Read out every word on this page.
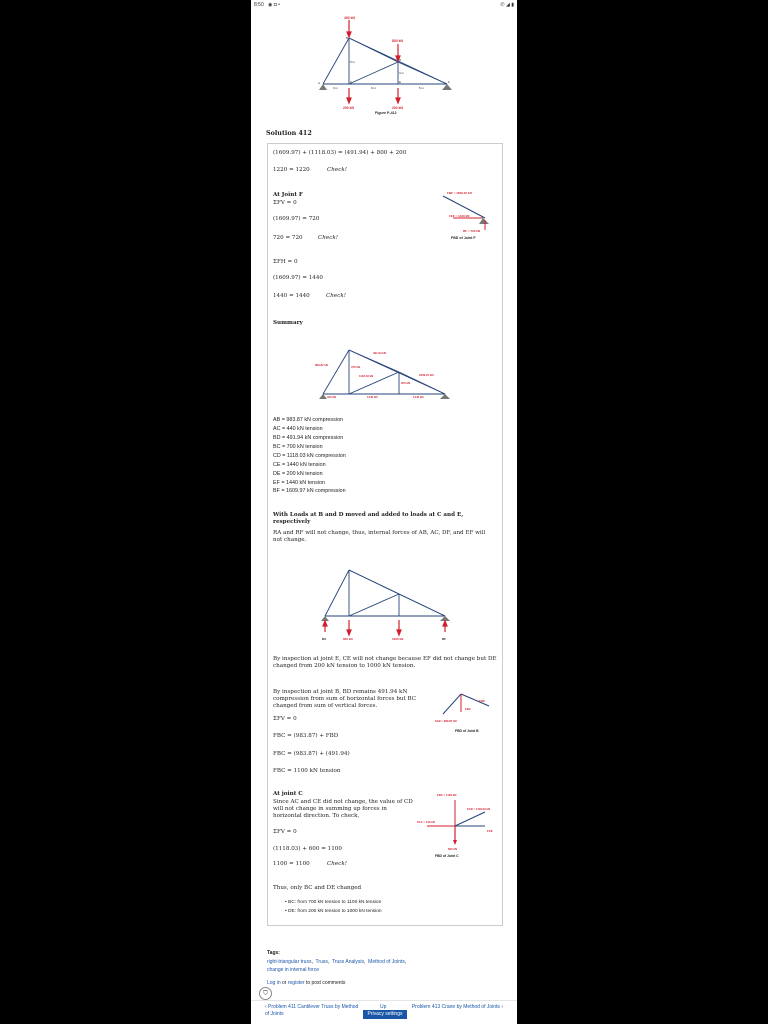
8:50 ◉ ◘ •	✆ ◢ ▮
400 kN
800 kN
200 kN	200 kN
3 m	6 m	5 m
5 m
3 m
A
B
C
D
E	F
Figure P-412
Solution 412
(1609.97) + (1118.03) = (491.94) + 800 + 200
1220 = 1220	Check!
At Joint F
ΣFV = 0
(1609.97) = 720
720 = 720	Check!
FBF = 1609.97 kN
FEF = 1440 kN
RF = 720 kN
FBD of Joint F
ΣFH = 0
(1609.97) = 1440
1440 = 1440	Check!
Summary
491.94 kN
983.87 kN	700 kN
1118.03 kN	1609.97 kN
200 kN
440 kN	1440 kN	1440 kN
AB = 983.87 kN compression
AC = 440 kN tension
BD = 491.94 kN compression
BC = 700 kN tension
CD = 1118.03 kN compression
CE = 1440 kN tension
DE = 200 kN tension
EF = 1440 kN tension
BF = 1609.97 kN compression
With Loads at B and D moved and added to loads at C and E, respectively
RA and RF will not change, thus, internal forces of AB, AC, DF, and EF will not change.
600 kN	1000 kN
RA	RF
By inspection at joint E, CE will not change because EF did not change but DE changed from 200 kN tension to 1000 kN tension.
By inspection at joint B, BD remains 491.94 kN compression from sum of horizontal forces but BC changed from sum of vertical forces.
ΣFV = 0
FBC = (983.87) + FBD
FBC = (983.87) + (491.94)
FBC = 1100 kN tension
FAB = 983.87 kN
FBD
FBC
FBD of Joint B
At joint C
Since AC and CE did not change, the value of CD will not change in summing up forces in horizontal direction. To check,
ΣFV = 0
(1118.03) + 600 = 1100
1100 = 1100	Check!
FBC = 1100 kN
FCD = 1118.03 kN
FAC = 440 kN
FCE
600 kN
FBD of Joint C
Thus, only BC and DE changed
• BC: from 700 kN tension to 1100 kN tension
• DE: from 200 kN tension to 1000 kN tension
Tags:
right-triangular truss,  Truss,  Truss Analysis,  Method of Joints,
change in internal force
Log in or register to post comments
⛉
‹ Problem 411 Cantilever Truss by Method of Joints
Up	Problem 413 Crane by Method of Joints ›
Privacy settings
